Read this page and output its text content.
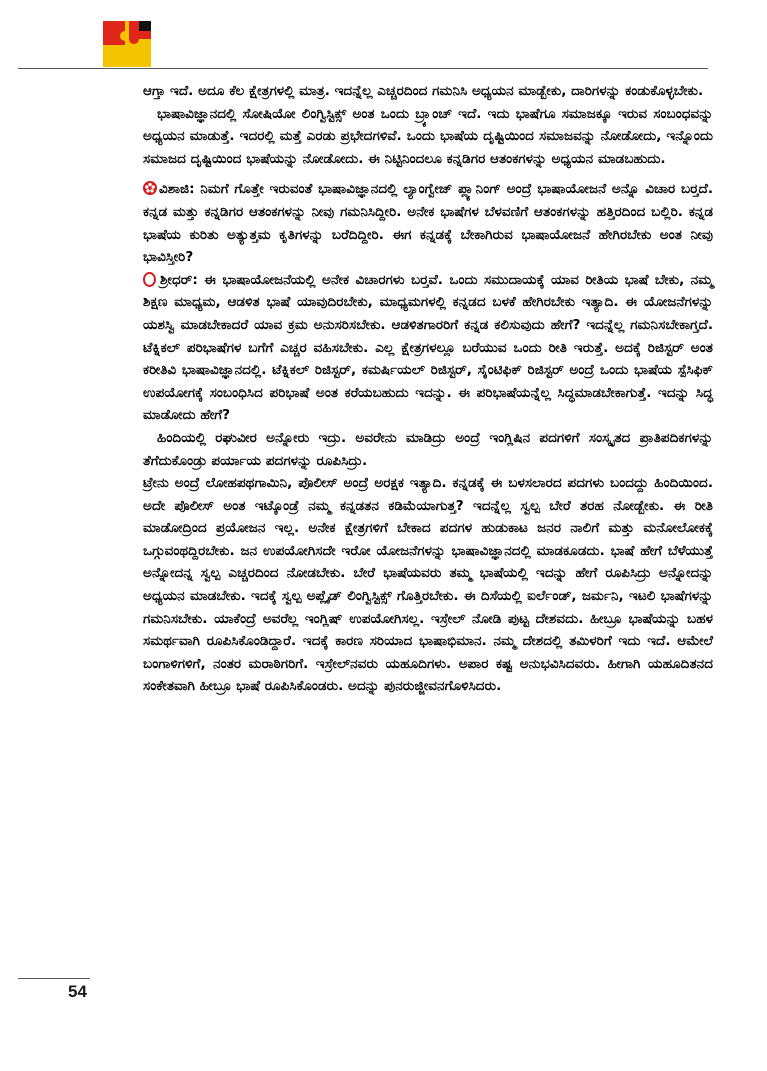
ಆಗ್ತಾ ಇದೆ. ಅದೂ ಕೆಲ ಕ್ಷೇತ್ರಗಳಲ್ಲಿ ಮಾತ್ರ. ಇದನ್ನೆಲ್ಲ ಎಚ್ಚರದಿಂದ ಗಮನಿಸಿ ಅಧ್ಯಯನ ಮಾಡ್ಬೇಕು, ದಾರಿಗಳನ್ನು ಕಂಡುಕೊಳ್ಳಬೇಕು.

ಭಾಷಾವಿಜ್ಞಾನದಲ್ಲಿ ಸೋಷಿಯೋ ಲಿಂಗ್ವಿಸ್ಟಿಕ್ಸ್ ಅಂತ ಒಂದು ಬ್ರ್ಯಾಂಚ್ ಇದೆ. ಇದು ಭಾಷೆಗೂ ಸಮಾಜಕ್ಕೂ ಇರುವ ಸಂಬಂಧವನ್ನು ಅಧ್ಯಯನ ಮಾಡುತ್ತೆ. ಇದರಲ್ಲಿ ಮತ್ತೆ ಎರಡು ಪ್ರಭೇದಗಳಿವೆ. ಒಂದು ಭಾಷೆಯ ದೃಷ್ಟಿಯಿಂದ ಸಮಾಜವನ್ನು ನೋಡೋದು, ಇನ್ನೊಂದು ಸಮಾಜದ ದೃಷ್ಟಿಯಿಂದ ಭಾಷೆಯನ್ನು ನೋಡೋದು. ಈ ನಿಟ್ಟಿನಿಂದಲೂ ಕನ್ನಡಿಗರ ಆತಂಕಗಳನ್ನು ಅಧ್ಯಯನ ಮಾಡಬಹುದು.

ವಿಶಾಜಿ: ನಿಮಗೆ ಗೊತ್ತೇ ಇರುವಂತೆ ಭಾಷಾವಿಜ್ಞಾನದಲ್ಲಿ ಲ್ಯಾಂಗ್ವೇಜ್ ಪ್ಲ್ಯಾನಿಂಗ್ ಅಂದ್ರೆ ಭಾಷಾಯೋಜನೆ ಅನ್ನೊ ವಿಚಾರ ಬರ‍್ತದೆ. ಕನ್ನಡ ಮತ್ತು ಕನ್ನಡಿಗರ ಆತಂಕಗಳನ್ನು ನೀವು ಗಮನಿಸಿದ್ದೀರಿ. ಅನೇಕ ಭಾಷೆಗಳ ಬೆಳವಣಿಗೆ ಆತಂಕಗಳನ್ನು ಹತ್ತಿರದಿಂದ ಬಲ್ಲಿರಿ. ಕನ್ನಡ ಭಾಷೆಯ ಕುರಿತು ಅತ್ಯುತ್ತಮ ಕೃತಿಗಳನ್ನು ಬರೆದಿದ್ದೀರಿ. ಈಗ ಕನ್ನಡಕ್ಕೆ ಬೇಕಾಗಿರುವ ಭಾಷಾಯೋಜನೆ ಹೇಗಿರಬೇಕು ಅಂತ ನೀವು ಭಾವಿಸ್ತೀರಿ?

ಶ್ರೀಧರ್: ಈ ಭಾಷಾಯೋಜನೆಯಲ್ಲಿ ಅನೇಕ ವಿಚಾರಗಳು ಬರ‍್ತವೆ. ಒಂದು ಸಮುದಾಯಕ್ಕೆ ಯಾವ ರೀತಿಯ ಭಾಷೆ ಬೇಕು, ನಮ್ಮ ಶಿಕ್ಷಣ ಮಾಧ್ಯಮ, ಆಡಳಿತ ಭಾಷೆ ಯಾವುದಿರಬೇಕು, ಮಾಧ್ಯಮಗಳಲ್ಲಿ ಕನ್ನಡದ ಬಳಕೆ ಹೇಗಿರಬೇಕು ಇತ್ಯಾದಿ. ಈ ಯೋಜನೆಗಳನ್ನು ಯಶಸ್ವಿ ಮಾಡಬೇಕಾದರೆ ಯಾವ ಕ್ರಮ ಅನುಸರಿಸಬೇಕು. ಆಡಳಿತಗಾರರಿಗೆ ಕನ್ನಡ ಕಲಿಸುವುದು ಹೇಗೆ? ಇದನ್ನೆಲ್ಲ ಗಮನಿಸಬೇಕಾಗ್ತದೆ. ಟೆಕ್ನಿಕಲ್ ಪರಿಭಾಷೆಗಳ ಬಗೆಗೆ ಎಚ್ಚರ ವಹಿಸಬೇಕು. ಎಲ್ಲ ಕ್ಷೇತ್ರಗಳಲ್ಲೂ ಬರೆಯುವ ಒಂದು ರೀತಿ ಇರುತ್ತೆ. ಅದಕ್ಕೆ ರಿಜಿಸ್ಟರ್ ಅಂತ ಕರೀತಿವಿ ಭಾಷಾವಿಜ್ಞಾನದಲ್ಲಿ. ಟೆಕ್ನಿಕಲ್ ರಿಜಿಸ್ಟರ್, ಕಮರ್ಷಿಯಲ್ ರಿಜಿಸ್ಟರ್, ಸೈಂಟಿಫಿಕ್ ರಿಜಿಸ್ಟರ್ ಅಂದ್ರೆ ಒಂದು ಭಾಷೆಯ ಸ್ಪೆಸಿಫಿಕ್ ಉಪಯೋಗಕ್ಕೆ ಸಂಬಂಧಿಸಿದ ಪರಿಭಾಷೆ ಅಂತ ಕರೆಯಬಹುದು ಇದನ್ನು. ಈ ಪರಿಭಾಷೆಯನ್ನೆಲ್ಲ ಸಿದ್ಧಮಾಡಬೇಕಾಗುತ್ತೆ. ಇದನ್ನು ಸಿದ್ಧ ಮಾಡೋದು ಹೇಗೆ?

ಹಿಂದಿಯಲ್ಲಿ ರಘುವೀರ ಅನ್ನೋರು ಇದ್ರು. ಅವರೇನು ಮಾಡಿದ್ರು ಅಂದ್ರೆ ಇಂಗ್ಲಿಷಿನ ಪದಗಳಿಗೆ ಸಂಸ್ಕೃತದ ಪ್ರಾತಿಪದಿಕಗಳನ್ನು ತೆಗೆದುಕೊಂಡ್ರು ಪರ್ಯಾಯ ಪದಗಳನ್ನು ರೂಪಿಸಿದ್ರು.

ಟ್ರೇನು ಅಂದ್ರೆ ಲೋಹಪಥಗಾಮಿನಿ, ಪೊಲೀಸ್ ಅಂದ್ರೆ ಅರಕ್ಷಕ ಇತ್ಯಾದಿ. ಕನ್ನಡಕ್ಕೆ ಈ ಬಳಸಲಾರದ ಪದಗಳು ಬಂದದ್ದು ಹಿಂದಿಯಿಂದ. ಅದೇ ಪೊಲೀಸ್ ಅಂತ ಇಟ್ಕೊಂಡ್ರೆ ನಮ್ಮ ಕನ್ನಡತನ ಕಡಿಮೆಯಾಗುತ್ತ? ಇದನ್ನೆಲ್ಲ ಸ್ವಲ್ಪ ಬೇರೆ ತರಹ ನೋಡ್ಬೇಕು. ಈ ರೀತಿ ಮಾಡೋದ್ರಿಂದ ಪ್ರಯೋಜನ ಇಲ್ಲ. ಅನೇಕ ಕ್ಷೇತ್ರಗಳಿಗೆ ಬೇಕಾದ ಪದಗಳ ಹುಡುಕಾಟ ಜನರ ನಾಲಿಗೆ ಮತ್ತು ಮನೋಲೋಕಕ್ಕೆ ಒಗ್ಗುವಂಥದ್ದಿರಬೇಕು. ಜನ ಉಪಯೋಗಿಸದೇ ಇರೋ ಯೋಜನೆಗಳನ್ನು ಭಾಷಾವಿಜ್ಞಾನದಲ್ಲಿ ಮಾಡಕೂಡದು. ಭಾಷೆ ಹೇಗೆ ಬೆಳೆಯುತ್ತೆ ಅನ್ನೋದನ್ನ ಸ್ವಲ್ಪ ಎಚ್ಚರದಿಂದ ನೋಡಬೇಕು. ಬೇರೆ ಭಾಷೆಯವರು ತಮ್ಮ ಭಾಷೆಯಲ್ಲಿ ಇದನ್ನು ಹೇಗೆ ರೂಪಿಸಿದ್ರು ಅನ್ನೋದನ್ನು ಅಧ್ಯಯನ ಮಾಡಬೇಕು. ಇದಕ್ಕೆ ಸ್ವಲ್ಪ ಅಪ್ಲೈಡ್ ಲಿಂಗ್ವಿಸ್ಟಿಕ್ಸ್ ಗೊತ್ತಿರಬೇಕು. ಈ ದಿಸೆಯಲ್ಲಿ ಐರ್ಲೆಂಡ್, ಜರ್ಮನಿ, ಇಟಲಿ ಭಾಷೆಗಳನ್ನು ಗಮನಿಸಬೇಕು. ಯಾಕೆಂದ್ರೆ ಅವರೆಲ್ಲ ಇಂಗ್ಲಿಷ್ ಉಪಯೋಗಿಸಲ್ಲ. ಇಸ್ರೇಲ್ ನೋಡಿ ಪುಟ್ಟ ದೇಶವದು. ಹೀಬ್ರೂ ಭಾಷೆಯನ್ನು ಬಹಳ ಸಮರ್ಥವಾಗಿ ರೂಪಿಸಿಕೊಂಡಿದ್ದಾರೆ. ಇದಕ್ಕೆ ಕಾರಣ ಸರಿಯಾದ ಭಾಷಾಭಿಮಾನ. ನಮ್ಮ ದೇಶದಲ್ಲಿ ತಮಿಳರಿಗೆ ಇದು ಇದೆ. ಆಮೇಲೆ ಬಂಗಾಳಿಗಳಿಗೆ, ನಂತರ ಮರಾಠಿಗರಿಗೆ. ಇಸ್ರೇಲ್‌ನವರು ಯಹೂದಿಗಳು. ಅಪಾರ ಕಷ್ಟ ಅನುಭವಿಸಿದವರು. ಹೀಗಾಗಿ ಯಹೂದಿತನದ ಸಂಕೇತವಾಗಿ ಹೀಬ್ರೂ ಭಾಷೆ ರೂಪಿಸಿಕೊಂಡರು. ಅದನ್ನು ಪುನರುಜ್ಜೀವನಗೊಳಿಸಿದರು.

54
